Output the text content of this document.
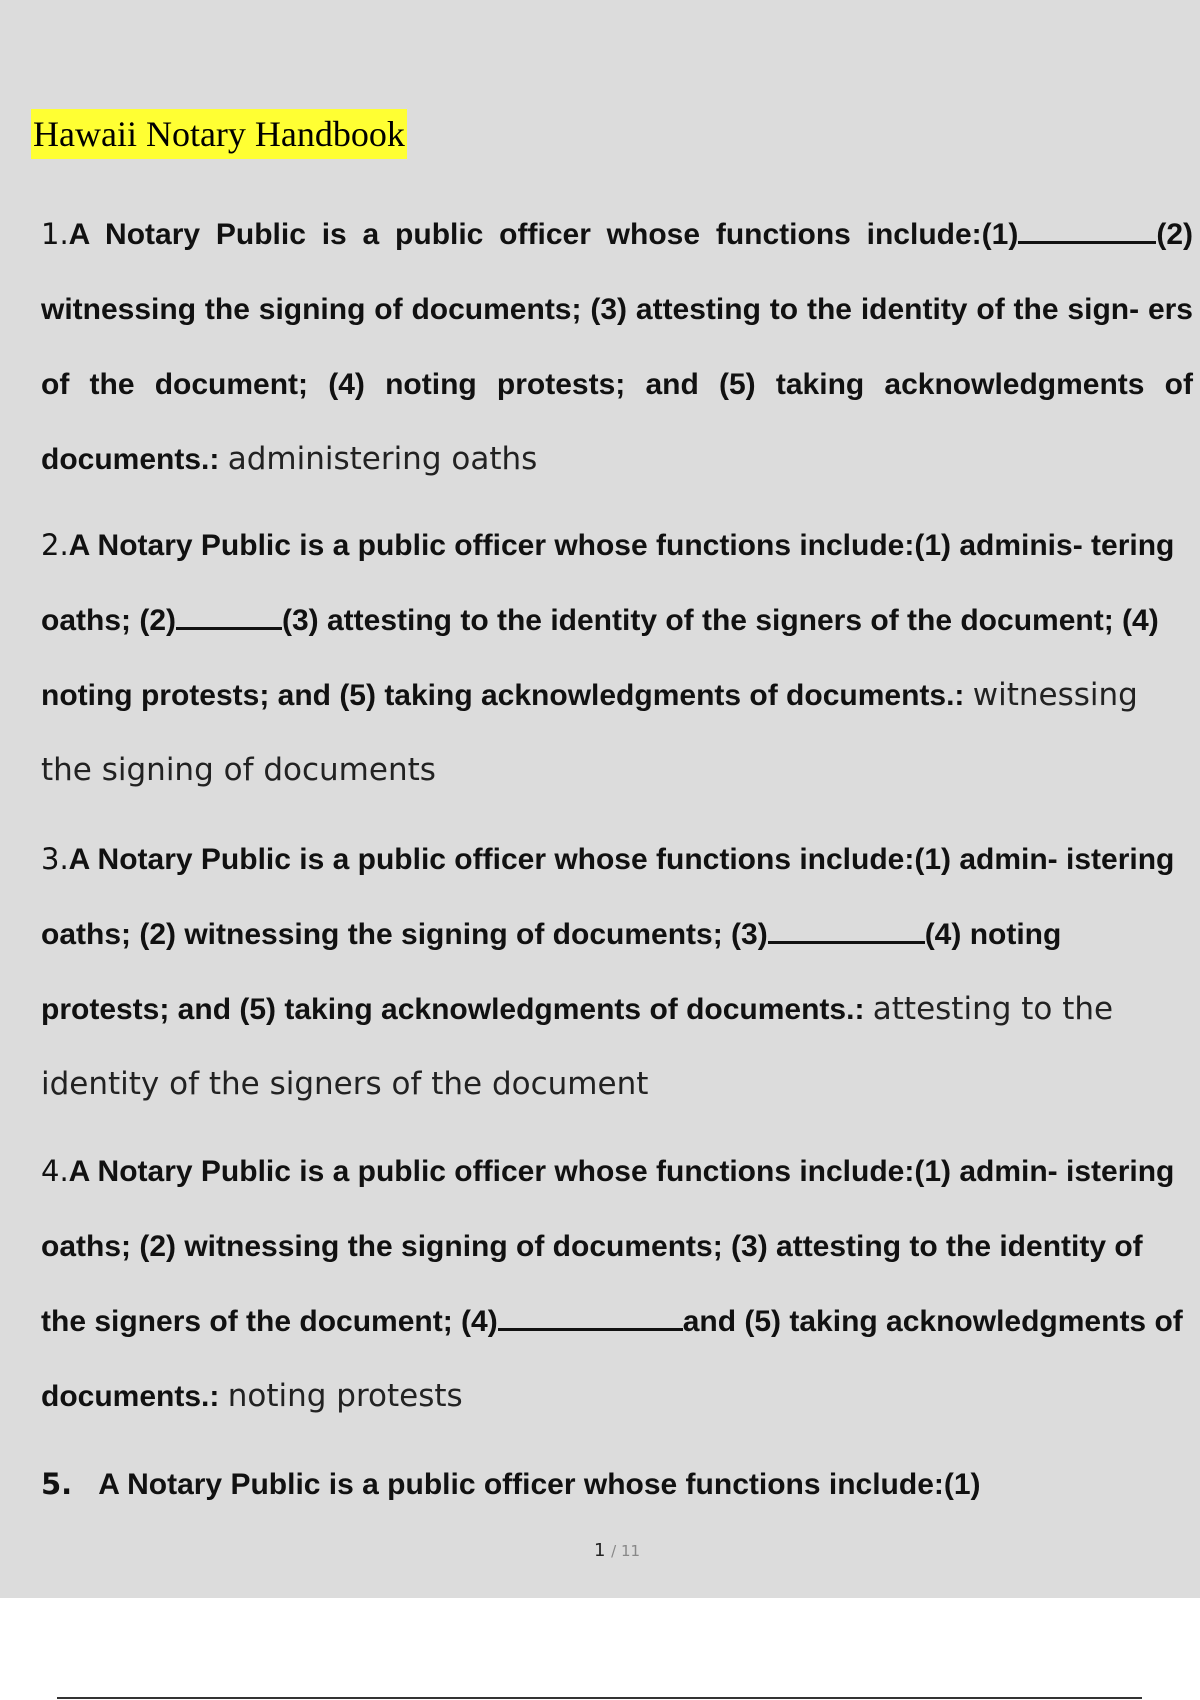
Hawaii Notary Handbook
1.A Notary Public is a public officer whose functions include:(1)	(2) witnessing the signing of documents; (3) attesting to the identity of the sign- ers of the document; (4) noting protests; and (5) taking acknowledgments of documents.: administering oaths
2.A Notary Public is a public officer whose functions include:(1) adminis- tering oaths; (2)	(3) attesting to the identity of the signers of the document; (4) noting protests; and (5) taking acknowledgments of documents.: witnessing the signing of documents
3.A Notary Public is a public officer whose functions include:(1) admin- istering oaths; (2) witnessing the signing of documents; (3)	(4) noting protests; and (5) taking acknowledgments of documents.: attesting to the identity of the signers of the document
4.A Notary Public is a public officer whose functions include:(1) admin- istering oaths; (2) witnessing the signing of documents; (3) attesting to the identity of the signers of the document; (4)	and (5) taking acknowledgments of documents.: noting protests
5. A Notary Public is a public officer whose functions include:(1)
1 / 11
